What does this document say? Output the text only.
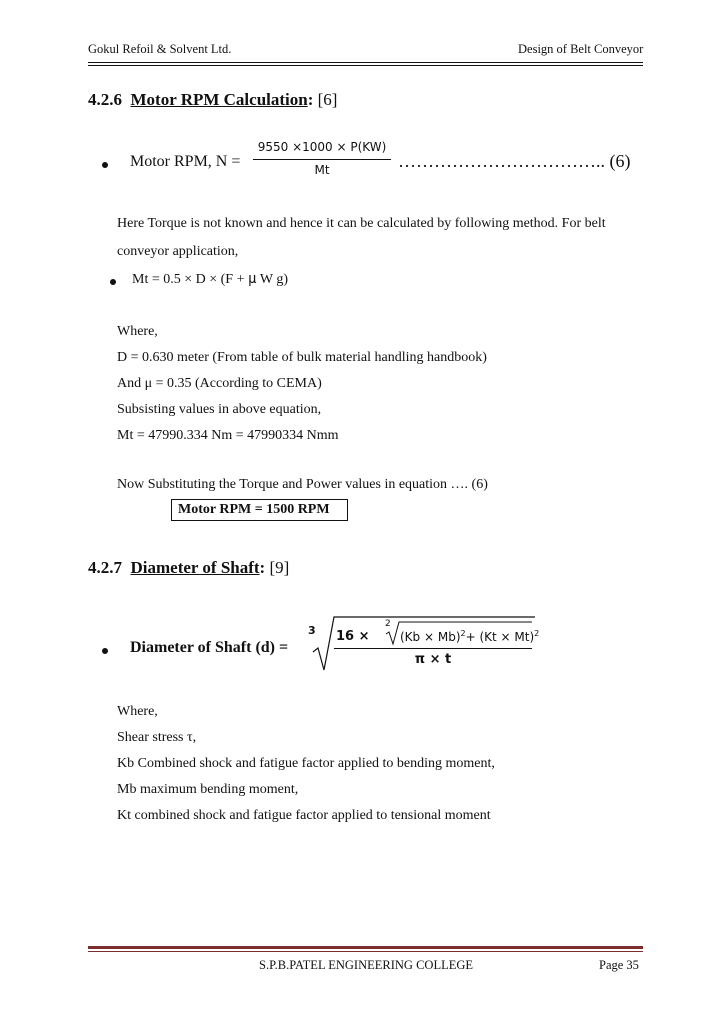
Gokul Refoil & Solvent Ltd.	Design of Belt Conveyor
4.2.6 Motor RPM Calculation: [6]
Motor RPM, N =
9550 ×1000 × P(KW)
Mt	…………………………….. (6)
Here Torque is not known and hence it can be calculated by following method. For belt
conveyor application,
Mt = 0.5 × D × (F + μ W g)
Where,
D = 0.630 meter (From table of bulk material handling handbook)
And μ = 0.35 (According to CEMA)
Subsisting values in above equation,
Mt = 47990.334 Nm = 47990334 Nmm
Now Substituting the Torque and Power values in equation …. (6)
Motor RPM = 1500 RPM
4.2.7 Diameter of Shaft: [9]
Diameter of Shaft (d) =
3 16 ×
2
$(Kb \times Mb)^2+ (Kt \times Mt)^2$
π × t
Where,
Shear stress τ,
Kb Combined shock and fatigue factor applied to bending moment,
Mb maximum bending moment,
Kt combined shock and fatigue factor applied to tensional moment
S.P.B.PATEL ENGINEERING COLLEGE	Page 35
